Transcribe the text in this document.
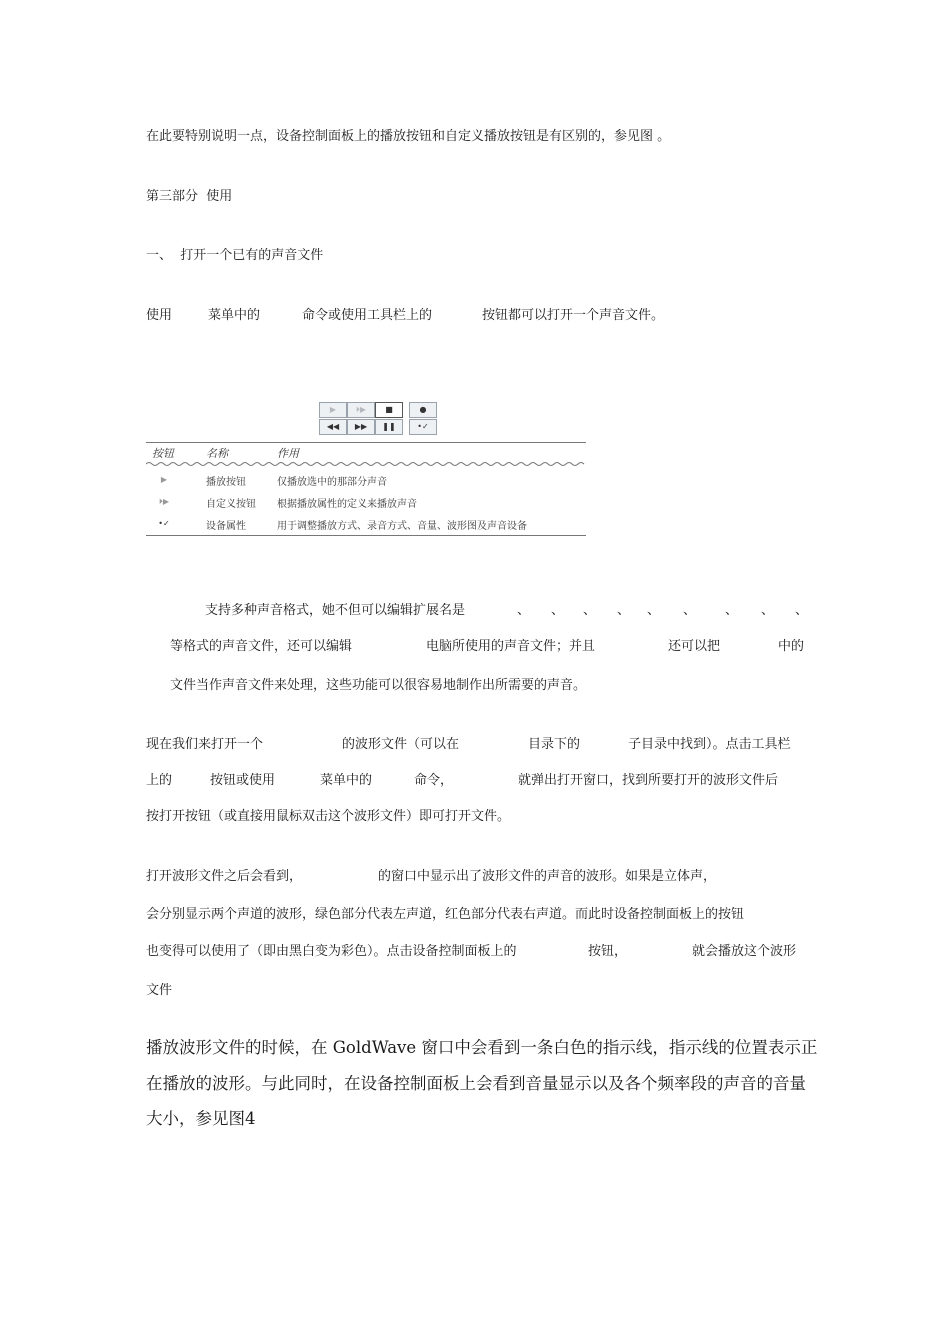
在此要特别说明一点，设备控制面板上的播放按钮和自定义播放按钮是有区别的，参见图 。
第三部分  使用
一、  打开一个已有的声音文件
使用	菜单中的	命令或使用工具栏上的	按钮都可以打开一个声音文件。
▶	⏵▶	■	●
◀◀	▶▶	❚❚	•✓
按钮	名称	作用
▶	播放按钮	仅播放选中的那部分声音
⏵▶	自定义按钮 根据播放属性的定义来播放声音
•✓	设备属性	用于调整播放方式、录音方式、音量、波形图及声音设备
支持多种声音格式，她不但可以编辑扩展名是	、 、 、 、 、 、 、 、 、
等格式的声音文件，还可以编辑	电脑所使用的声音文件；并且	还可以把	中的
文件当作声音文件来处理，这些功能可以很容易地制作出所需要的声音。
现在我们来打开一个	的波形文件（可以在	目录下的	子目录中找到）。点击工具栏
上的	按钮或使用	菜单中的	命令，	就弹出打开窗口，找到所要打开的波形文件后
按打开按钮（或直接用鼠标双击这个波形文件）即可打开文件。
打开波形文件之后会看到，	的窗口中显示出了波形文件的声音的波形。如果是立体声，
会分别显示两个声道的波形，绿色部分代表左声道，红色部分代表右声道。而此时设备控制面板上的按钮
也变得可以使用了（即由黑白变为彩色）。点击设备控制面板上的	按钮，	就会播放这个波形
文件
播放波形文件的时候，在 GoldWave 窗口中会看到一条白色的指示线，指示线的位置表示正
在播放的波形。与此同时，在设备控制面板上会看到音量显示以及各个频率段的声音的音量
大小，参见图4
